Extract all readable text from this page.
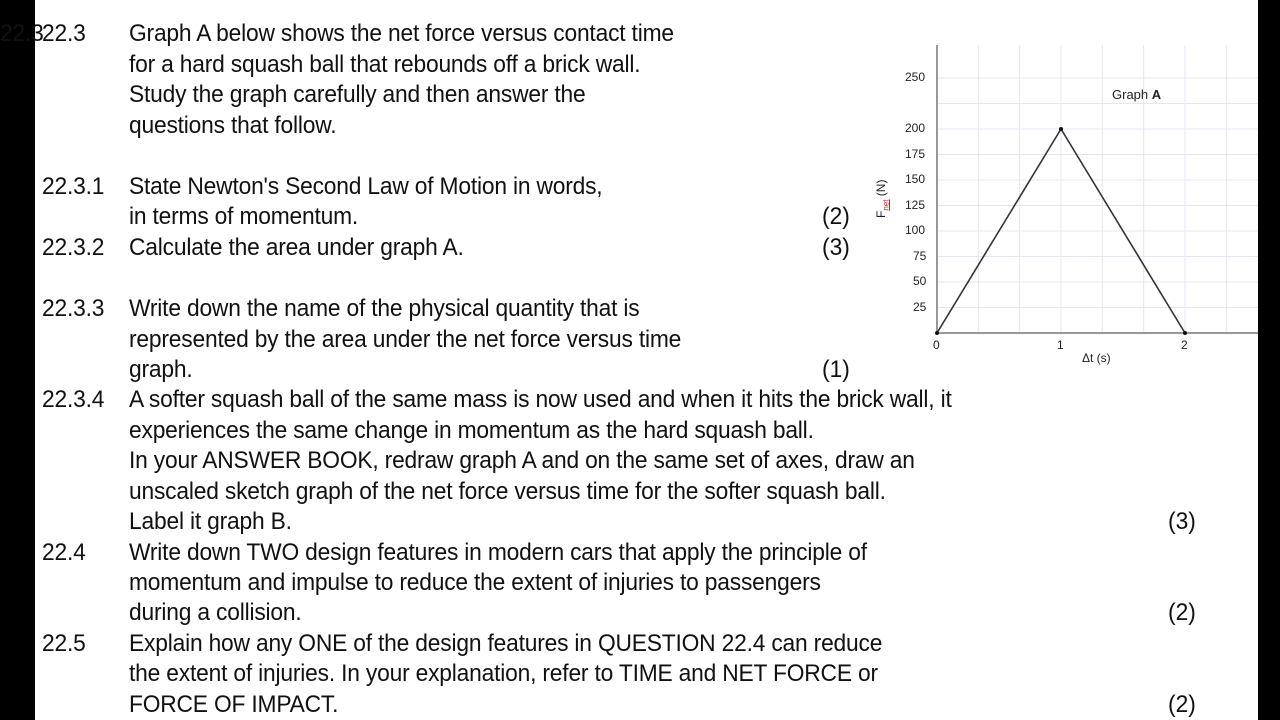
22.3
22.3 Graph A below shows the net force versus contact time
for a hard squash ball that rebounds off a brick wall.
Study the graph carefully and then answer the
questions that follow.
22.3.1 State Newton's Second Law of Motion in words,
in terms of momentum.	(2)
22.3.2 Calculate the area under graph A.	(3)
22.3.3 Write down the name of the physical quantity that is
represented by the area under the net force versus time
graph.	(1)
22.3.4 A softer squash ball of the same mass is now used and when it hits the brick wall, it
experiences the same change in momentum as the hard squash ball.
In your ANSWER BOOK, redraw graph A and on the same set of axes, draw an
unscaled sketch graph of the net force versus time for the softer squash ball.
Label it graph B.	(3)
22.4 Write down TWO design features in modern cars that apply the principle of
momentum and impulse to reduce the extent of injuries to passengers
during a collision.	(2)
22.5 Explain how any ONE of the design features in QUESTION 22.4 can reduce
the extent of injuries. In your explanation, refer to TIME and NET FORCE or
FORCE OF IMPACT.	(2)
25
50
75
100
125
150
175
200
250
0	1	2
Graph A
Δt (s)
$F_{net}$ (N)
